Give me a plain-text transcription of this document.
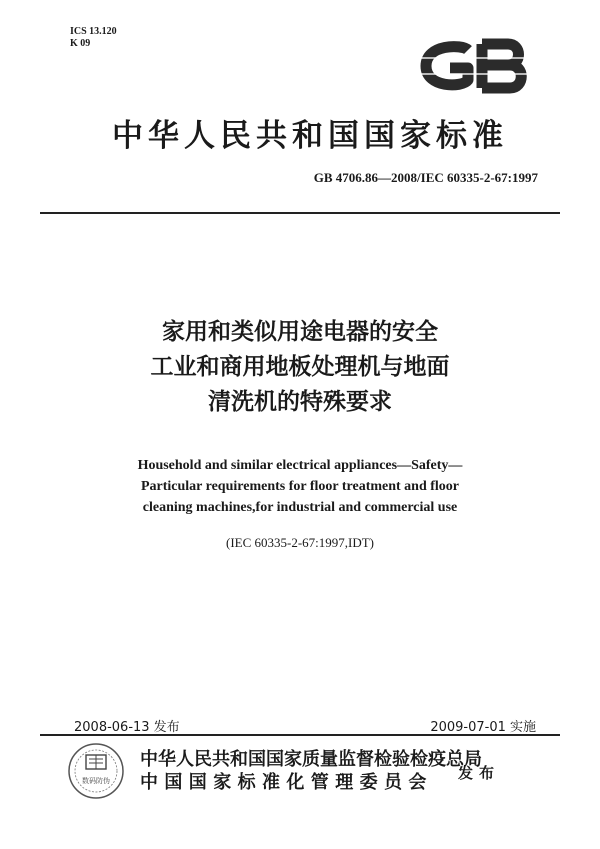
ICS 13.120
K 09	GB
中华人民共和国国家标准
GB 4706.86—2008/IEC 60335-2-67:1997
家用和类似用途电器的安全
工业和商用地板处理机与地面
清洗机的特殊要求
Household and similar electrical appliances—Safety—
Particular requirements for floor treatment and floor
cleaning machines,for industrial and commercial use
(IEC 60335-2-67:1997,IDT)
2008-06-13 发布	2009-07-01 实施
数码防伪
中华人民共和国国家质量监督检验检疫总局
中国国家标准化管理委员会	发布
